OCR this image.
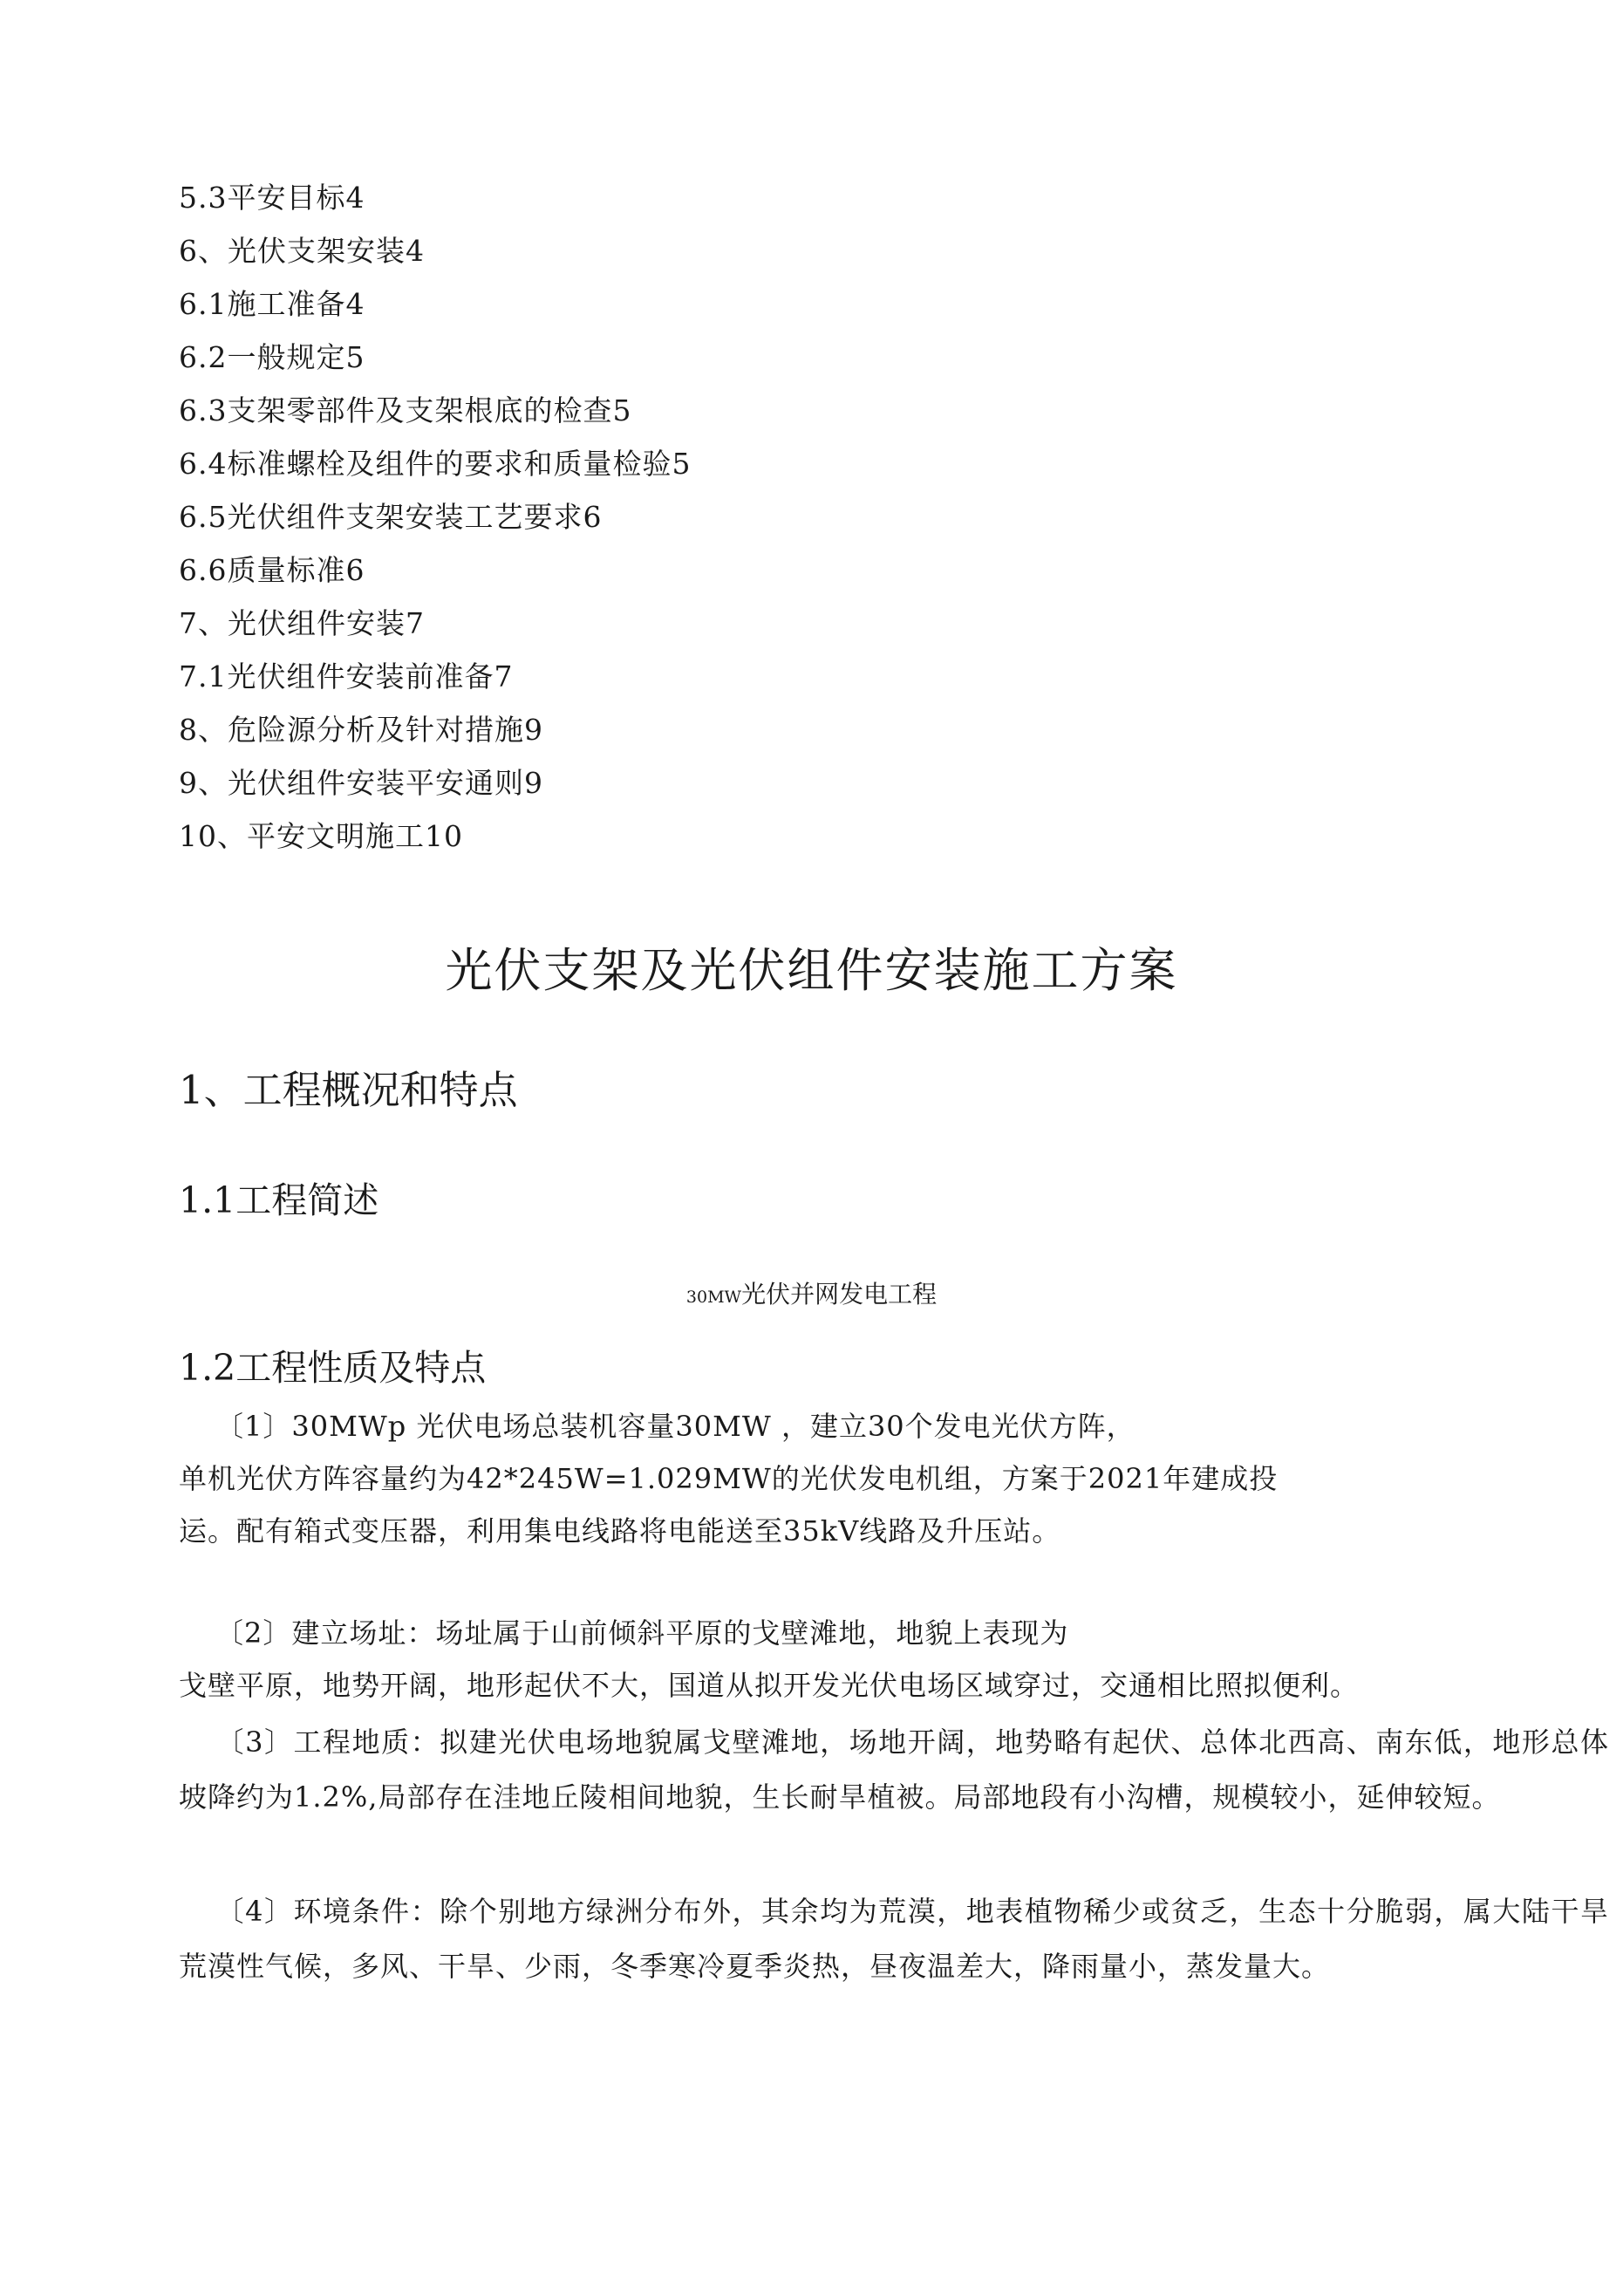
5.3平安目标4
6、光伏支架安装4
6.1施工准备4
6.2一般规定5
6.3支架零部件及支架根底的检查5
6.4标准螺栓及组件的要求和质量检验5
6.5光伏组件支架安装工艺要求6
6.6质量标准6
7、光伏组件安装7
7.1光伏组件安装前准备7
8、危险源分析及针对措施9
9、光伏组件安装平安通则9
10、平安文明施工10
光伏支架及光伏组件安装施工方案
1、工程概况和特点
1.1工程简述
30MW光伏并网发电工程
1.2工程性质及特点

〔1〕30MWp 光伏电场总装机容量30MW ，建立30个发电光伏方阵，
单机光伏方阵容量约为42*245W=1.029MW的光伏发电机组，方案于2021年建成投
运。配有箱式变压器，利用集电线路将电能送至35kV线路及升压站。

〔2〕建立场址：场址属于山前倾斜平原的戈壁滩地，地貌上表现为
戈壁平原，地势开阔，地形起伏不大，国道从拟开发光伏电场区域穿过，交通相比照拟便利。

〔3〕工程地质：拟建光伏电场地貌属戈壁滩地，场地开阔，地势略有起伏、总体北西高、南东低，地形总体坡降约为1.2%,局部存在洼地丘陵相间地貌，生长耐旱植被。局部地段有小沟槽，规模较小，延伸较短。

〔4〕环境条件：除个别地方绿洲分布外，其余均为荒漠，地表植物稀少或贫乏，生态十分脆弱，属大陆干旱荒漠性气候，多风、干旱、少雨，冬季寒冷夏季炎热，昼夜温差大，降雨量小，蒸发量大。
